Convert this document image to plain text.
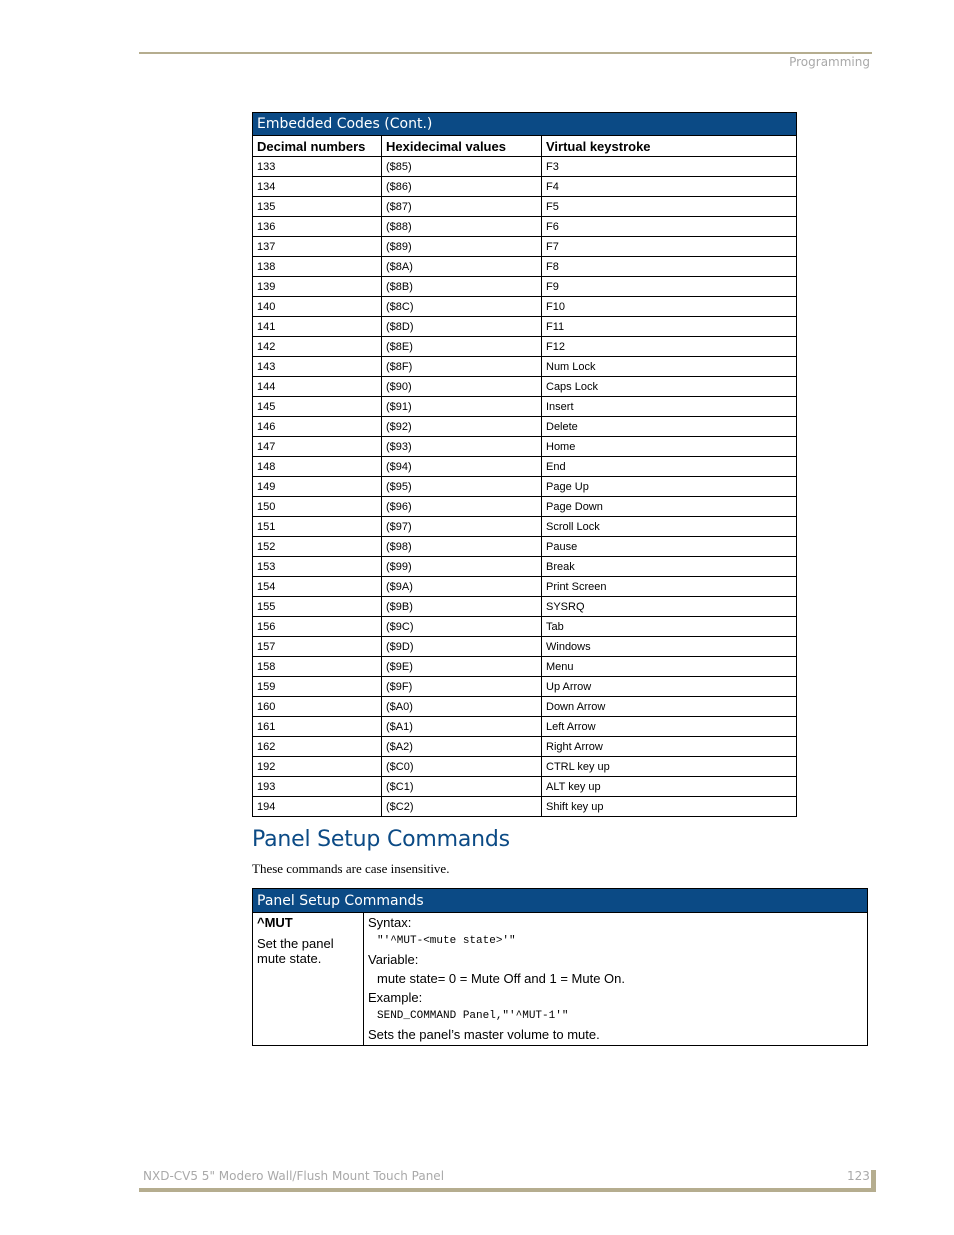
Programming
Embedded Codes (Cont.)		
Decimal numbers	Hexidecimal values	Virtual keystroke
133	($85)	F3
134	($86)	F4
135	($87)	F5
136	($88)	F6
137	($89)	F7
138	($8A)	F8
139	($8B)	F9
140	($8C)	F10
141	($8D)	F11
142	($8E)	F12
143	($8F)	Num Lock
144	($90)	Caps Lock
145	($91)	Insert
146	($92)	Delete
147	($93)	Home
148	($94)	End
149	($95)	Page Up
150	($96)	Page Down
151	($97)	Scroll Lock
152	($98)	Pause
153	($99)	Break
154	($9A)	Print Screen
155	($9B)	SYSRQ
156	($9C)	Tab
157	($9D)	Windows
158	($9E)	Menu
159	($9F)	Up Arrow
160	($A0)	Down Arrow
161	($A1)	Left Arrow
162	($A2)	Right Arrow
192	($C0)	CTRL key up
193	($C1)	ALT key up
194	($C2)	Shift key up
Panel Setup Commands
These commands are case insensitive.
Panel Setup Commands

^MUT
Set the panel mute state.

Syntax:
"'^MUT-<mute state>'"
Variable:
mute state= 0 = Mute Off and 1 = Mute On.
Example:
SEND_COMMAND Panel,"'^MUT-1'"
Sets the panel’s master volume to mute.
NXD-CV5 5" Modero Wall/Flush Mount Touch Panel	123
